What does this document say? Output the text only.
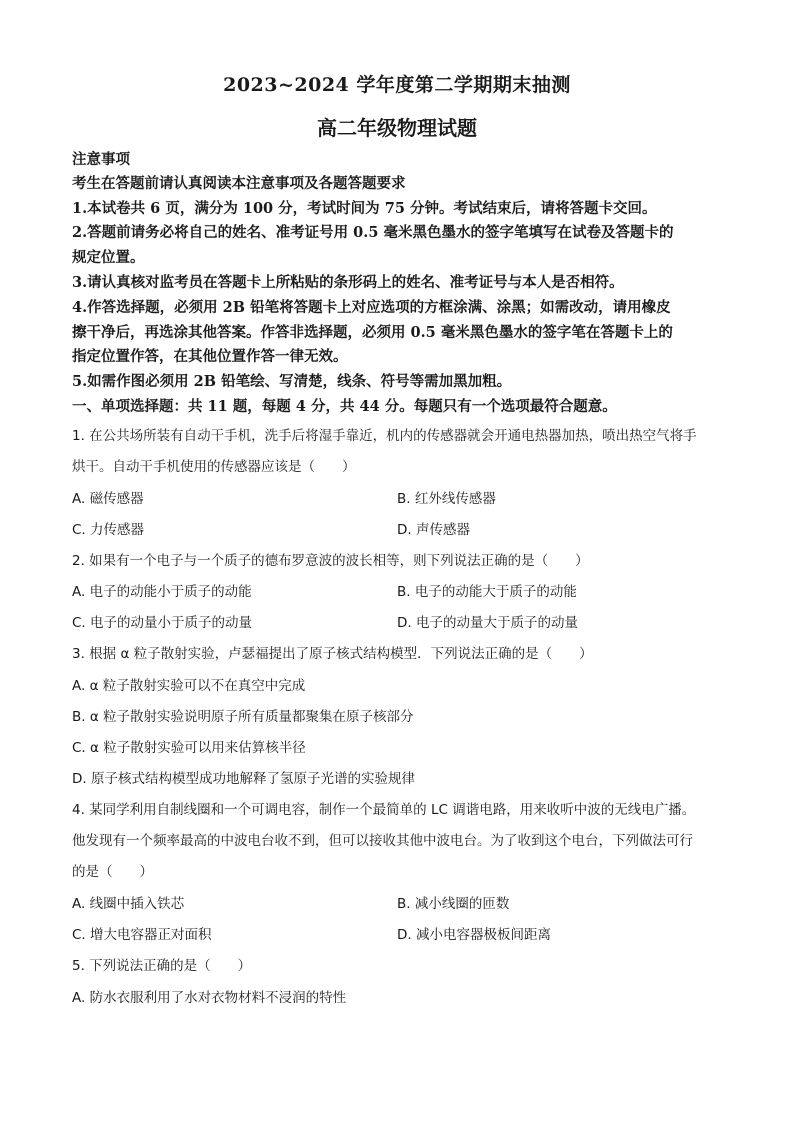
2023~2024 学年度第二学期期末抽测
高二年级物理试题
注意事项
考生在答题前请认真阅读本注意事项及各题答题要求
1.本试卷共 6 页，满分为 100 分，考试时间为 75 分钟。考试结束后，请将答题卡交回。
2.答题前请务必将自己的姓名、准考证号用 0.5 毫米黑色墨水的签字笔填写在试卷及答题卡的
规定位置。
3.请认真核对监考员在答题卡上所粘贴的条形码上的姓名、准考证号与本人是否相符。
4.作答选择题，必须用 2B 铅笔将答题卡上对应选项的方框涂满、涂黑；如需改动，请用橡皮
擦干净后，再选涂其他答案。作答非选择题，必须用 0.5 毫米黑色墨水的签字笔在答题卡上的
指定位置作答，在其他位置作答一律无效。
5.如需作图必须用 2B 铅笔绘、写清楚，线条、符号等需加黑加粗。
一、单项选择题：共 11 题，每题 4 分，共 44 分。每题只有一个选项最符合题意。
1. 在公共场所装有自动干手机，洗手后将湿手靠近，机内的传感器就会开通电热器加热，喷出热空气将手
烘干。自动干手机使用的传感器应该是（　　）
A. 磁传感器	B. 红外线传感器
C. 力传感器	D. 声传感器
2. 如果有一个电子与一个质子的德布罗意波的波长相等，则下列说法正确的是（　　）
A. 电子的动能小于质子的动能	B. 电子的动能大于质子的动能
C. 电子的动量小于质子的动量	D. 电子的动量大于质子的动量
3. 根据 α 粒子散射实验，卢瑟福提出了原子核式结构模型．下列说法正确的是（　　）
A. α 粒子散射实验可以不在真空中完成
B. α 粒子散射实验说明原子所有质量都聚集在原子核部分
C. α 粒子散射实验可以用来估算核半径
D. 原子核式结构模型成功地解释了氢原子光谱的实验规律
4. 某同学利用自制线圈和一个可调电容，制作一个最简单的 LC 调谐电路，用来收听中波的无线电广播。
他发现有一个频率最高的中波电台收不到，但可以接收其他中波电台。为了收到这个电台，下列做法可行
的是（　　）
A. 线圈中插入铁芯	B. 减小线圈的匝数
C. 增大电容器正对面积	D. 减小电容器极板间距离
5. 下列说法正确的是（　　）
A. 防水衣服利用了水对衣物材料不浸润的特性
